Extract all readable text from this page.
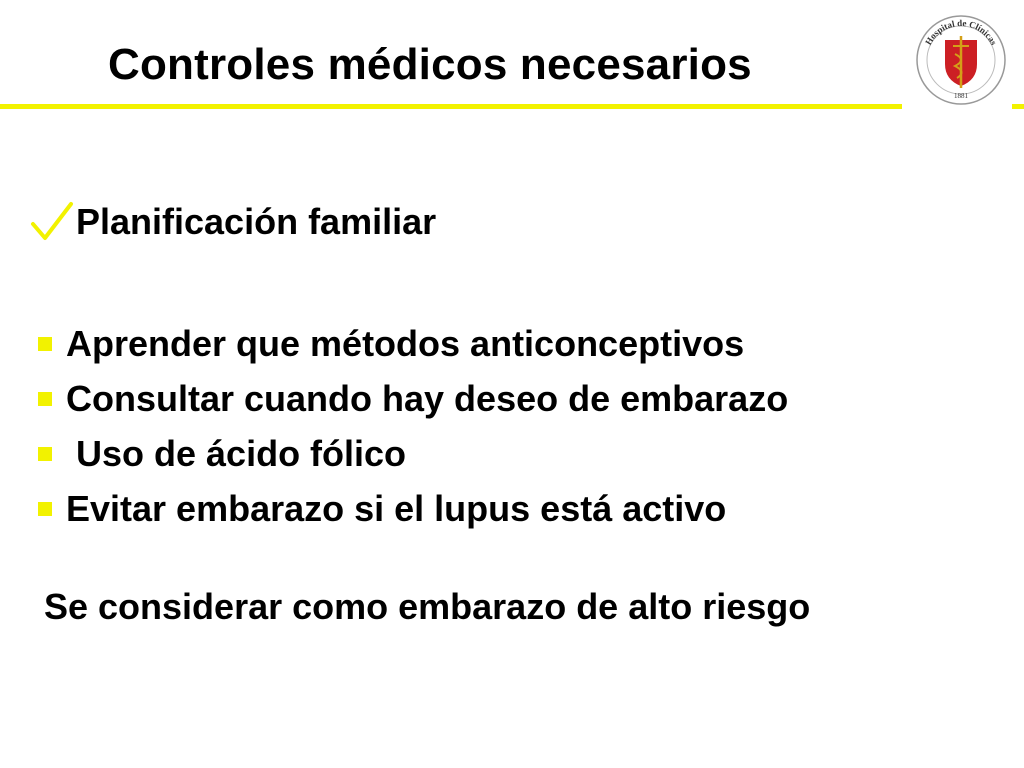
Controles médicos necesarios	Hospital de Clínicas
1881
Planificación familiar
Aprender que métodos anticonceptivos
Consultar cuando hay deseo de embarazo
Uso de ácido fólico
Evitar embarazo si el lupus está activo
Se considerar como embarazo de alto riesgo
